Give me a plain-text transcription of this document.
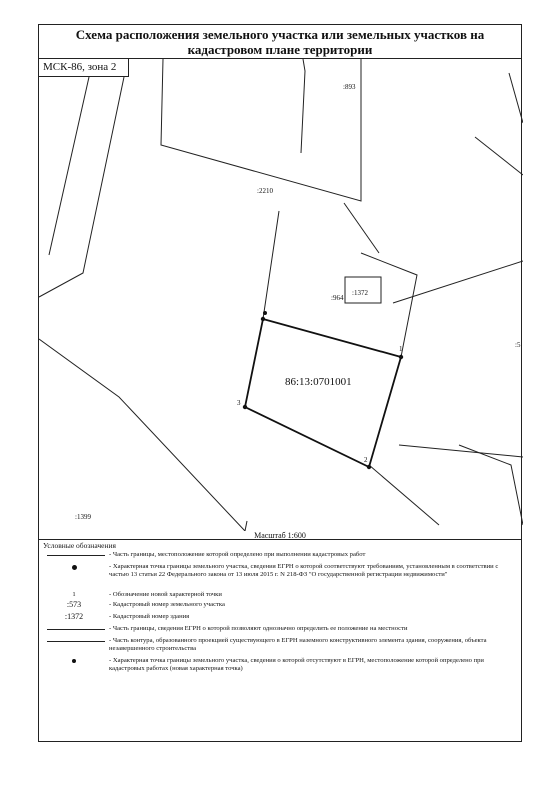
Схема расположения земельного участка или земельных участков на кадастровом плане территории
МСК-86, зона 2
:893
:2210
:964
:1372
:1399
:5
86:13:0701001
1
2
3
Масштаб 1:600
Условные обозначения
- Часть границы, местоположение которой определено при выполнении кадастровых работ
- Характерная точка границы земельного участка, сведения ЕГРН о которой соответствуют требованиям, установленным в соответствии с частью 13 статьи 22 Федерального закона от 13 июля 2015 г. N 218-ФЗ "О государственной регистрации недвижимости"
1	- Обозначение новой характерной точки
:573	- Кадастровый номер земельного участка
:1372	- Кадастровый номер здания
- Часть границы, сведения ЕГРН о которой позволяют однозначно определить ее положение на местности
- Часть контура, образованного проекцией существующего в ЕГРН наземного конструктивного элемента здания, сооружения, объекта незавершенного строительства
- Характерная точка границы земельного участка, сведения о которой отсутствуют в ЕГРН, местоположение которой определено при кадастровых работах (новая характерная точка)
